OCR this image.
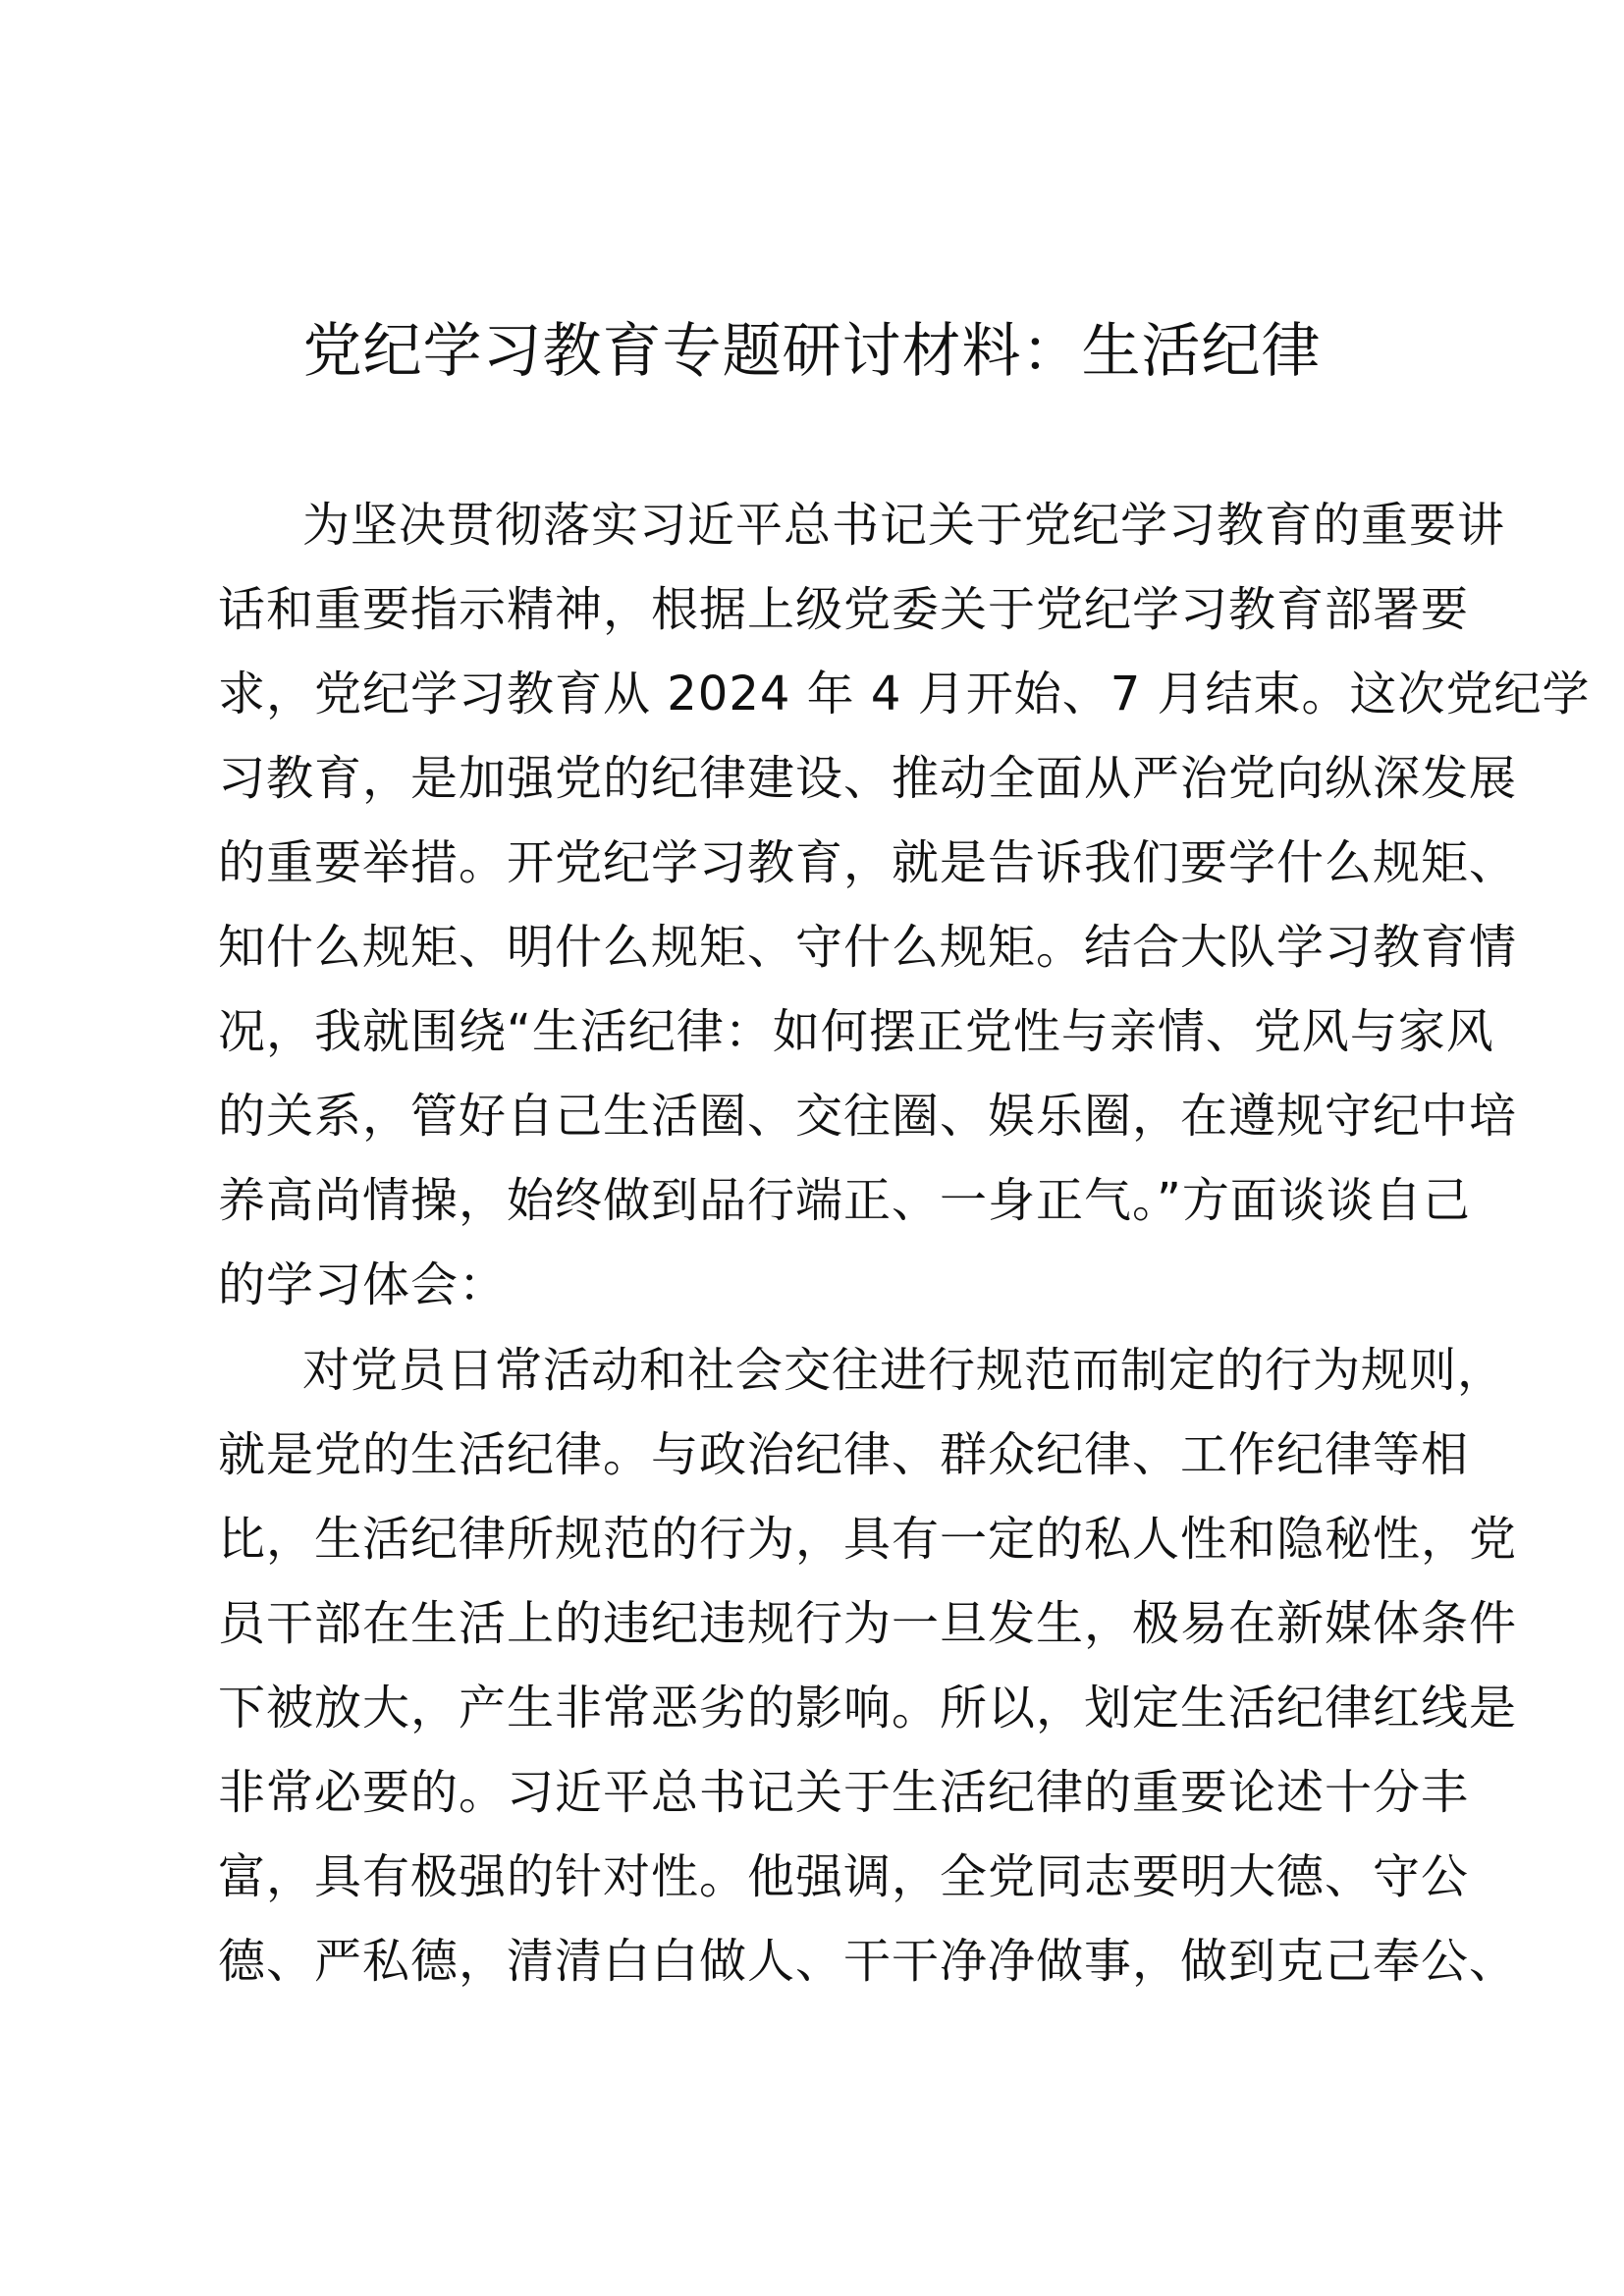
党纪学习教育专题研讨材料：生活纪律
为坚决贯彻落实习近平总书记关于党纪学习教育的重要讲
话和重要指示精神，根据上级党委关于党纪学习教育部署要
求，党纪学习教育从 2024 年 4 月开始、7 月结束。这次党纪学
习教育，是加强党的纪律建设、推动全面从严治党向纵深发展
的重要举措。开党纪学习教育，就是告诉我们要学什么规矩、
知什么规矩、明什么规矩、守什么规矩。结合大队学习教育情
况，我就围绕“生活纪律：如何摆正党性与亲情、党风与家风
的关系，管好自己生活圈、交往圈、娱乐圈，在遵规守纪中培
养高尚情操，始终做到品行端正、一身正气。”方面谈谈自己
的学习体会：
对党员日常活动和社会交往进行规范而制定的行为规则，
就是党的生活纪律。与政治纪律、群众纪律、工作纪律等相
比，生活纪律所规范的行为，具有一定的私人性和隐秘性，党
员干部在生活上的违纪违规行为一旦发生，极易在新媒体条件
下被放大，产生非常恶劣的影响。所以，划定生活纪律红线是
非常必要的。习近平总书记关于生活纪律的重要论述十分丰
富，具有极强的针对性。他强调，全党同志要明大德、守公
德、严私德，清清白白做人、干干净净做事，做到克己奉公、
